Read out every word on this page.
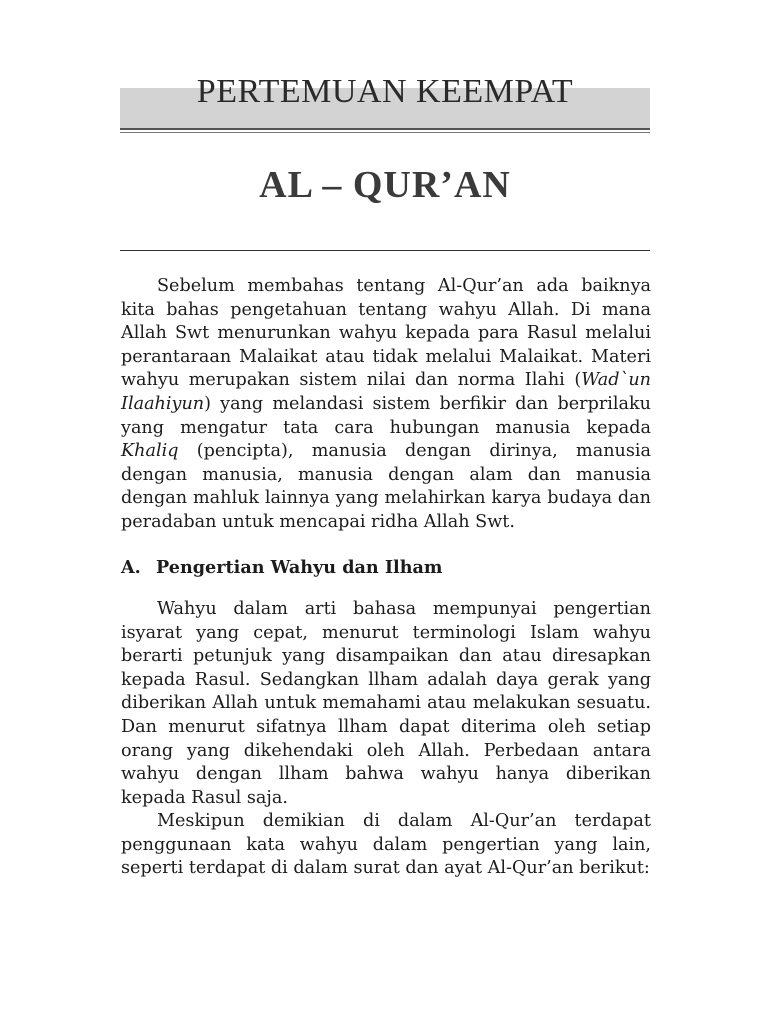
PERTEMUAN KEEMPAT
AL – QUR’AN

Sebelum membahas tentang Al-Qur’an ada baiknya kita bahas pengetahuan tentang wahyu Allah. Di mana Allah Swt menurunkan wahyu kepada para Rasul melalui perantaraan Malaikat atau tidak melalui Malaikat. Materi wahyu merupakan sistem nilai dan norma Ilahi (Wad`un Ilaahiyun) yang melandasi sistem berfikir dan berprilaku yang mengatur tata cara hubungan manusia kepada Khaliq (pencipta), manusia dengan dirinya, manusia dengan manusia, manusia dengan alam dan manusia dengan mahluk lainnya yang melahirkan karya budaya dan peradaban untuk mencapai ridha Allah Swt.

A. Pengertian Wahyu dan Ilham

Wahyu dalam arti bahasa mempunyai pengertian isyarat yang cepat, menurut terminologi Islam wahyu berarti petunjuk yang disampaikan dan atau diresapkan kepada Rasul. Sedangkan llham adalah daya gerak yang diberikan Allah untuk memahami atau melakukan sesuatu. Dan menurut sifatnya llham dapat diterima oleh setiap orang yang dikehendaki oleh Allah. Perbedaan antara wahyu dengan llham bahwa wahyu hanya diberikan kepada Rasul saja.

Meskipun demikian di dalam Al-Qur’an terdapat penggunaan kata wahyu dalam pengertian yang lain, seperti terdapat di dalam surat dan ayat Al-Qur’an berikut:
